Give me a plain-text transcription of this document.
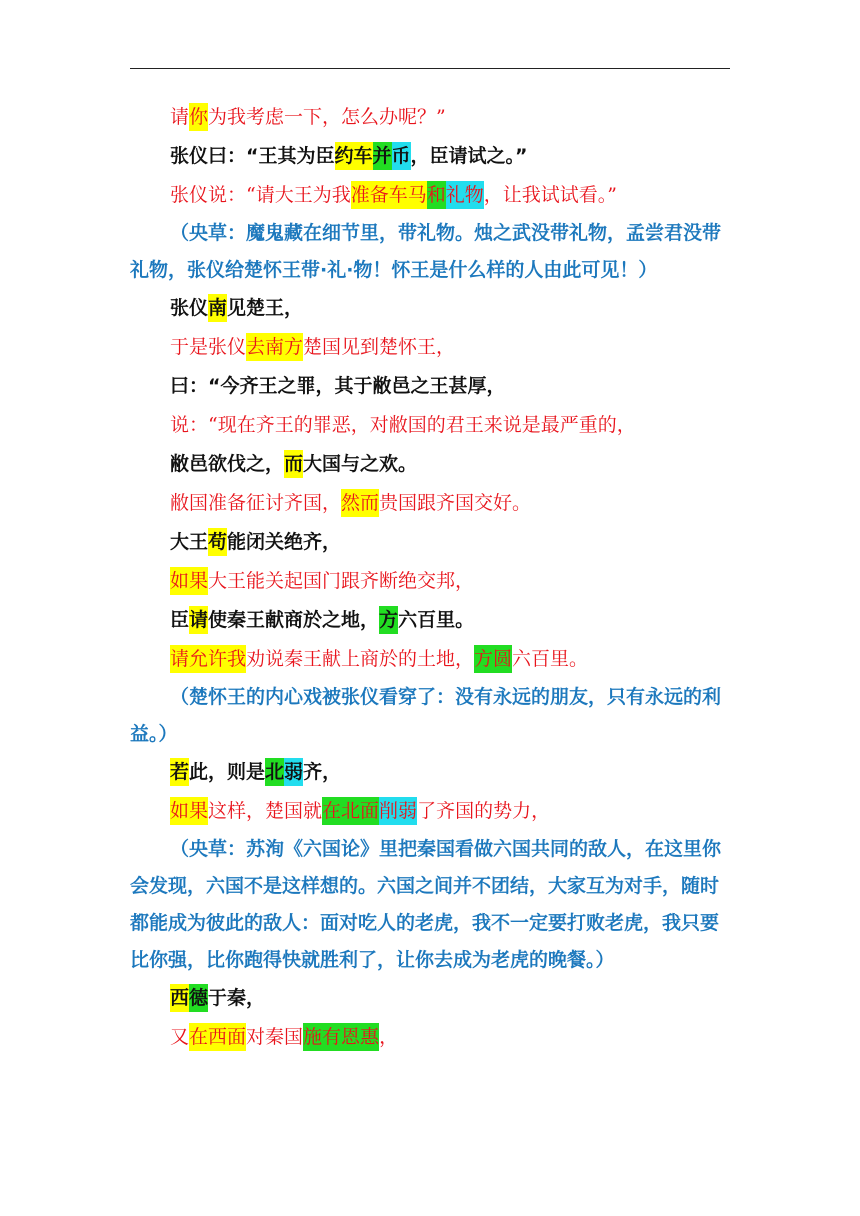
请你为我考虑一下，怎么办呢？”
张仪曰：“王其为臣约车并币，臣请试之。”
张仪说：“请大王为我准备车马和礼物，让我试试看。”
（央草：魔鬼藏在细节里，带礼物。烛之武没带礼物，孟尝君没带礼物，张仪给楚怀王带·礼·物！怀王是什么样的人由此可见！）
张仪南见楚王，
于是张仪去南方楚国见到楚怀王，
曰：“今齐王之罪，其于敝邑之王甚厚，
说：“现在齐王的罪恶，对敝国的君王来说是最严重的，
敝邑欲伐之，而大国与之欢。
敝国准备征讨齐国，然而贵国跟齐国交好。
大王苟能闭关绝齐，
如果大王能关起国门跟齐断绝交邦，
臣请使秦王献商於之地，方六百里。
请允许我劝说秦王献上商於的土地，方圆六百里。
（楚怀王的内心戏被张仪看穿了：没有永远的朋友，只有永远的利益。）
若此，则是北弱齐，
如果这样，楚国就在北面削弱了齐国的势力，
（央草：苏洵《六国论》里把秦国看做六国共同的敌人，在这里你会发现，六国不是这样想的。六国之间并不团结，大家互为对手，随时都能成为彼此的敌人：面对吃人的老虎，我不一定要打败老虎，我只要比你强，比你跑得快就胜利了，让你去成为老虎的晚餐。）
西德于秦，
又在西面对秦国施有恩惠，
